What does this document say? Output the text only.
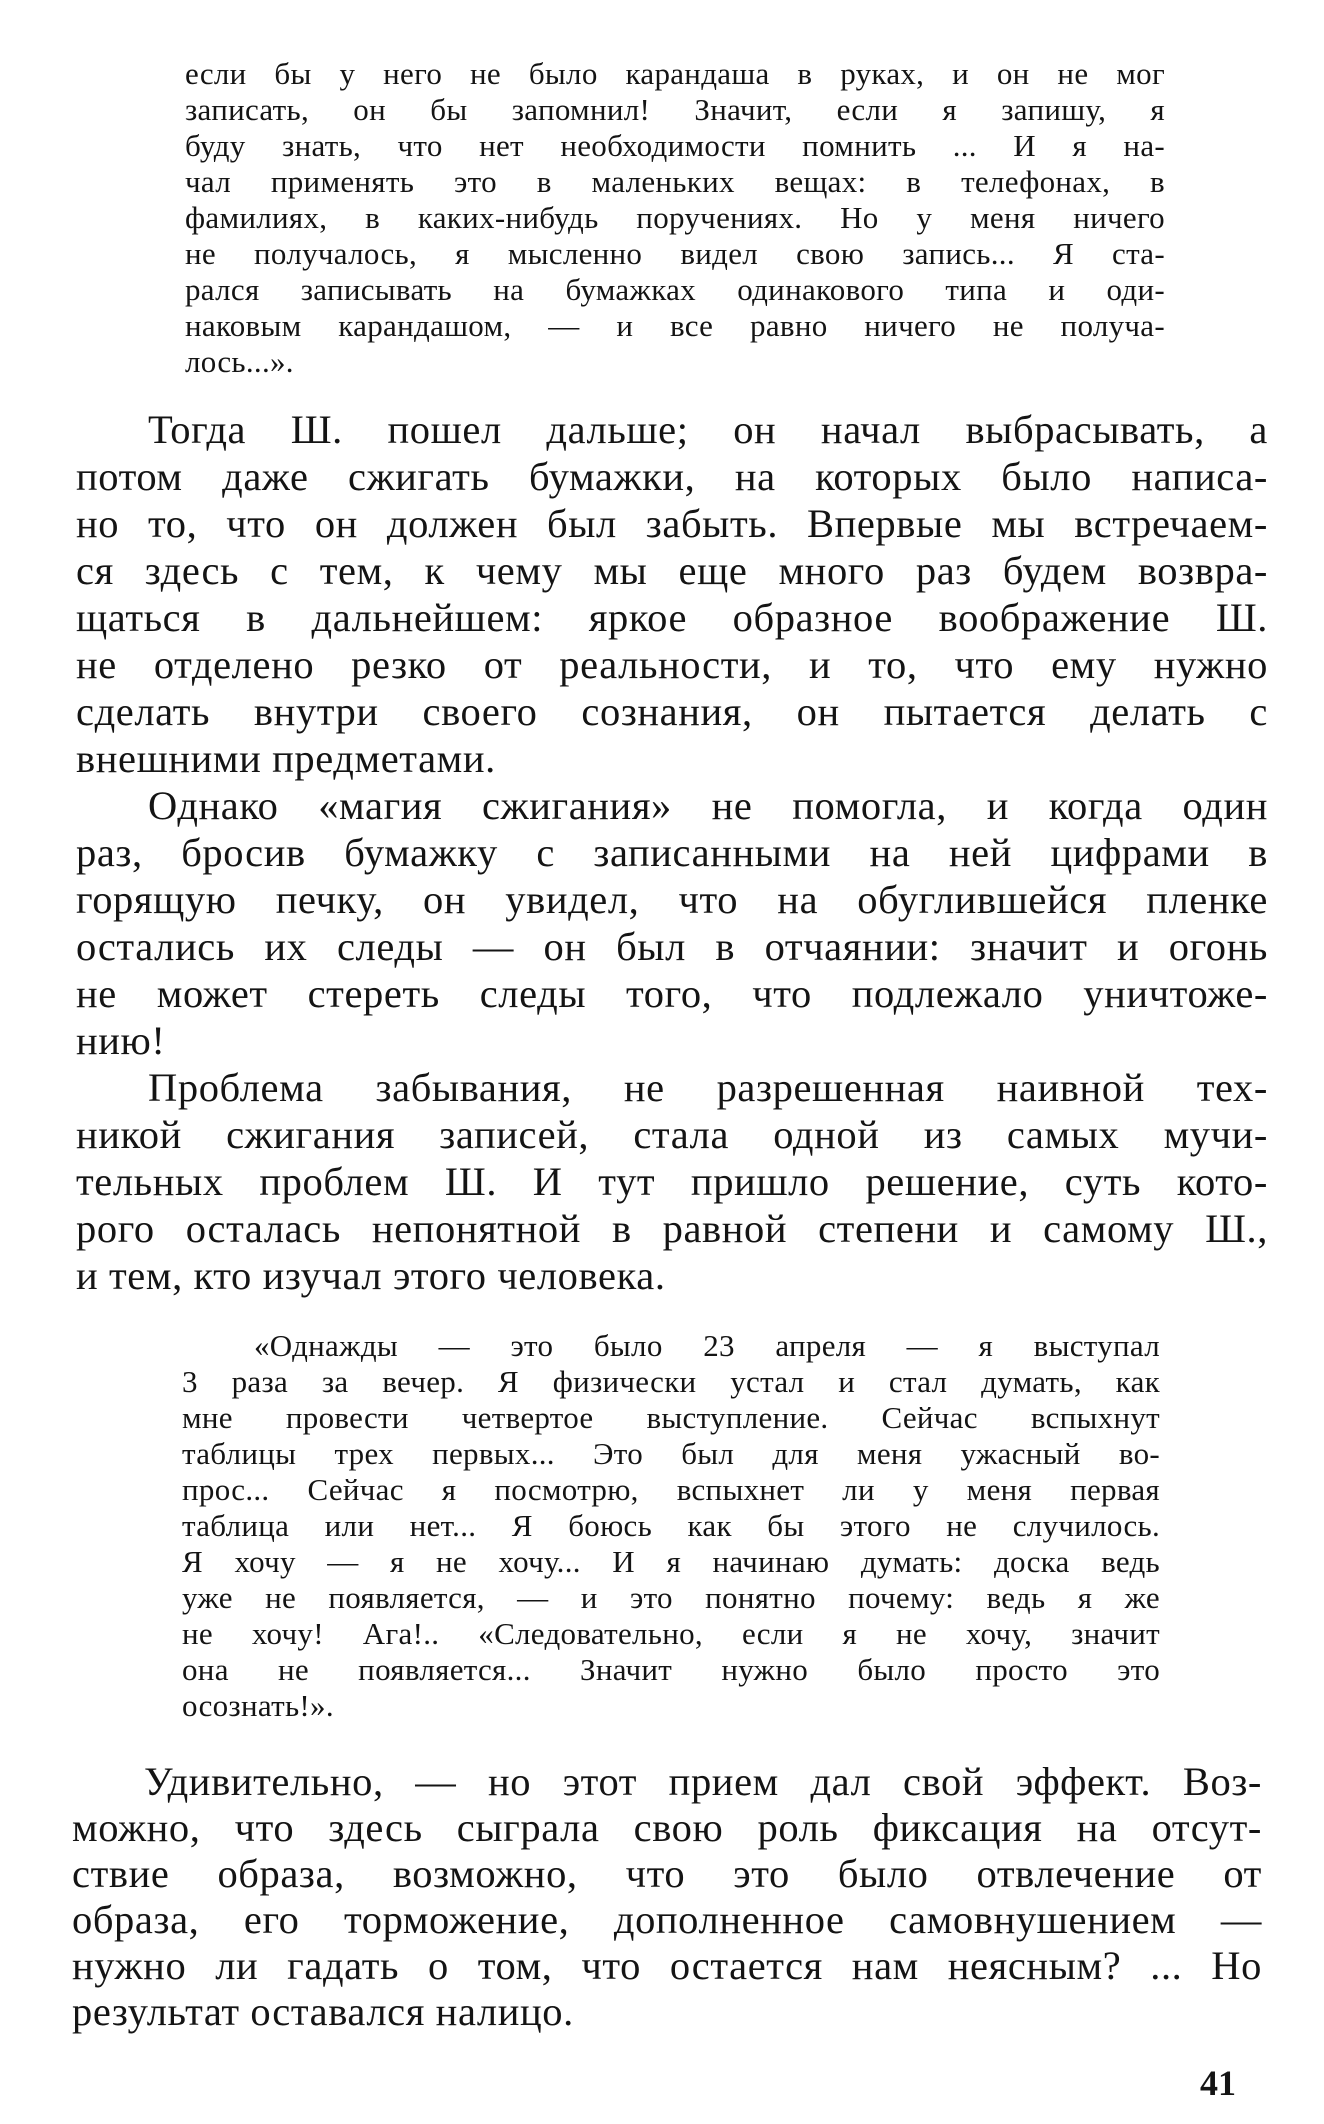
если бы у него не было карандаша в руках, и он не мог
записать, он бы запомнил! Значит, если я запишу, я
буду знать, что нет необходимости помнить ... И я на-
чал применять это в маленьких вещах: в телефонах, в
фамилиях, в каких-нибудь поручениях. Но у меня ничего
не получалось, я мысленно видел свою запись... Я ста-
рался записывать на бумажках одинакового типа и оди-
наковым карандашом, — и все равно ничего не получа-
лось...».
Тогда Ш. пошел дальше; он начал выбрасывать, а
потом даже сжигать бумажки, на которых было написа-
но то, что он должен был забыть. Впервые мы встречаем-
ся здесь с тем, к чему мы еще много раз будем возвра-
щаться в дальнейшем: яркое образное воображение Ш.
не отделено резко от реальности, и то, что ему нужно
сделать внутри своего сознания, он пытается делать с
внешними предметами.
Однако «магия сжигания» не помогла, и когда один
раз, бросив бумажку с записанными на ней цифрами в
горящую печку, он увидел, что на обуглившейся пленке
остались их следы — он был в отчаянии: значит и огонь
не может стереть следы того, что подлежало уничтоже-
нию!
Проблема забывания, не разрешенная наивной тех-
никой сжигания записей, стала одной из самых мучи-
тельных проблем Ш. И тут пришло решение, суть кото-
рого осталась непонятной в равной степени и самому Ш.,
и тем, кто изучал этого человека.
«Однажды — это было 23 апреля — я выступал
3 раза за вечер. Я физически устал и стал думать, как
мне провести четвертое выступление. Сейчас вспыхнут
таблицы трех первых... Это был для меня ужасный во-
прос... Сейчас я посмотрю, вспыхнет ли у меня первая
таблица или нет... Я боюсь как бы этого не случилось.
Я хочу — я не хочу... И я начинаю думать: доска ведь
уже не появляется, — и это понятно почему: ведь я же
не хочу! Ага!.. «Следовательно, если я не хочу, значит
она не появляется... Значит нужно было просто это
осознать!».
Удивительно, — но этот прием дал свой эффект. Воз-
можно, что здесь сыграла свою роль фиксация на отсут-
ствие образа, возможно, что это было отвлечение от
образа, его торможение, дополненное самовнушением —
нужно ли гадать о том, что остается нам неясным? ... Но
результат оставался налицо.
41
